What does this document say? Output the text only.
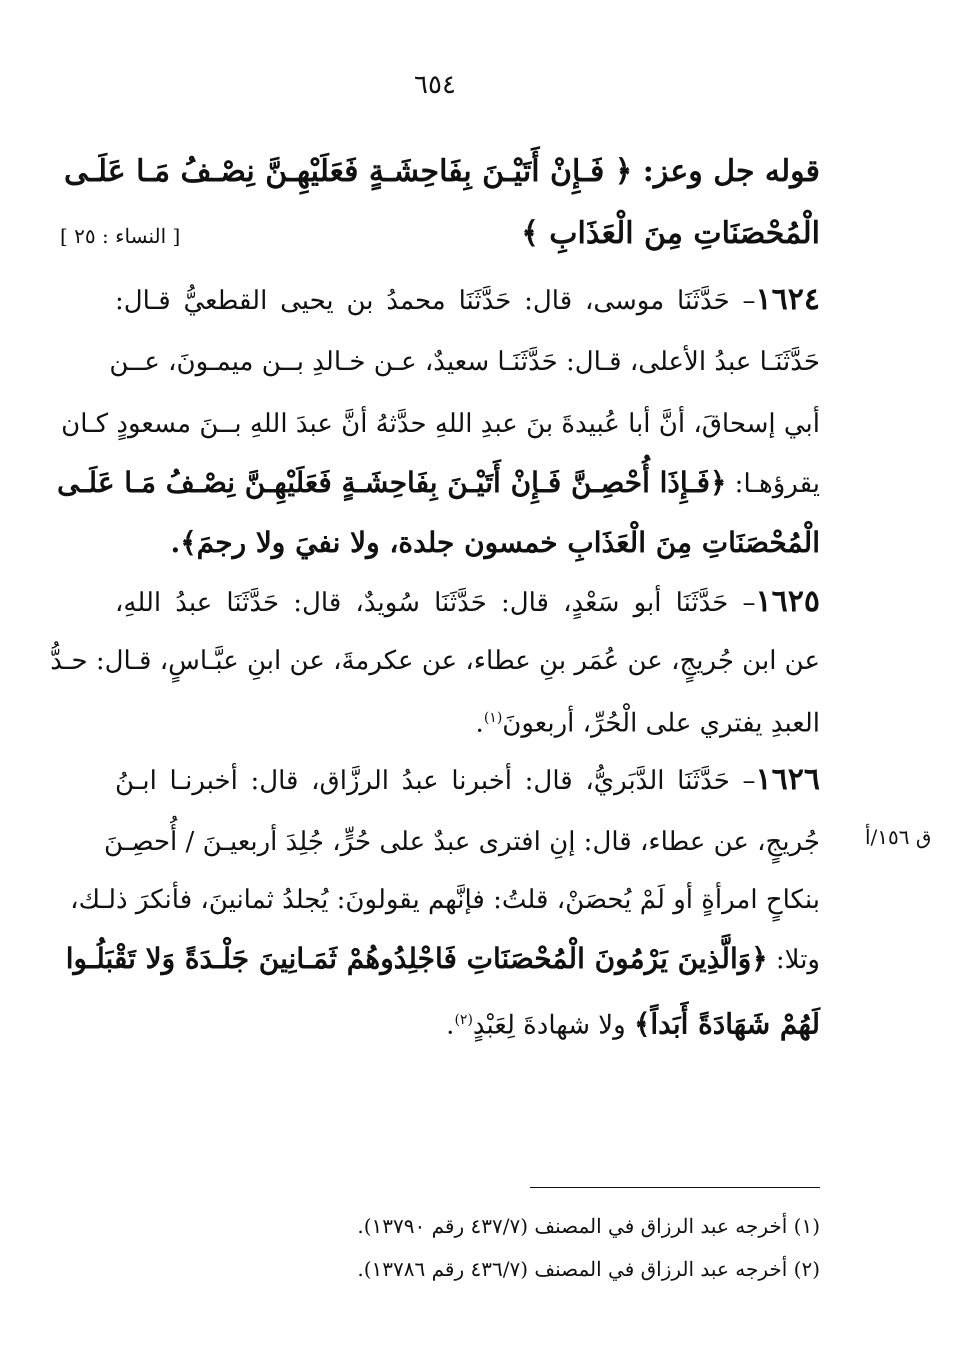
٦٥٤
قوله جل وعز: ﴿ فَـإِنْ أَتَيْـنَ بِفَاحِشَـةٍ فَعَلَيْهِـنَّ نِصْـفُ مَـا عَلَـى
الْمُحْصَنَاتِ مِنَ الْعَذَابِ ﴾
[ النساء : ٢٥ ]
١٦٢٤– حَدَّثَنَا موسى، قال: حَدَّثَنَا محمدُ بن يحيى القطعيُّ قـال:
حَدَّثَنَـا عبدُ الأعلى، قـال: حَدَّثَنَـا سعيدٌ، عـن خـالدِ بــن ميمـونَ، عــن
أبي إسحاقَ، أنَّ أبا عُبيدةَ بنَ عبدِ اللهِ حدَّثهُ أنَّ عبدَ اللهِ بــنَ مسعودٍ كـان
يقرؤهـا: ﴿فَـإِذَا أُحْصِـنَّ فَـإِنْ أَتَيْـنَ بِفَاحِشَـةٍ فَعَلَيْهِـنَّ نِصْـفُ مَـا عَلَـى
الْمُحْصَنَاتِ مِنَ الْعَذَابِ خمسون جلدة، ولا نفيَ ولا رجمَ﴾.
١٦٢٥– حَدَّثَنَا أبو سَعْدٍ، قال: حَدَّثَنَا سُويدٌ، قال: حَدَّثَنَا عبدُ اللهِ،
عن ابن جُريجٍ، عن عُمَر بنِ عطاء، عن عكرمةَ، عن ابنِ عبَّـاسٍ، قـال: حـدُّ
العبدِ يفتري على الْحُرِّ، أربعونَ$^{(١)}$.
١٦٢٦– حَدَّثَنَا الدَّبَريُّ، قال: أخبرنا عبدُ الرزَّاق، قال: أخبرنـا ابـنُ
ق ١٥٦/أ
جُريجٍ، عن عطاء، قال: إنِ افترى عبدٌ على حُرٍّ، جُلِدَ أربعيـنَ / أُحصِـنَ
بنكاحٍ امرأةٍ أو لَمْ يُحصَنْ، قلتُ: فإنَّهم يقولونَ: يُجلدُ ثمانينَ، فأنكرَ ذلـك،
وتلا: ﴿وَالَّذِينَ يَرْمُونَ الْمُحْصَنَاتِ فَاجْلِدُوهُمْ ثَمَـانِينَ جَلْـدَةً وَلا تَقْبَلُـوا
لَهُمْ شَهَادَةً أَبَداً﴾ ولا شهادةَ لِعَبْدٍ$^{(٢)}$.
(١) أخرجه عبد الرزاق في المصنف (٤٣٧/٧ رقم ١٣٧٩٠).
(٢) أخرجه عبد الرزاق في المصنف (٤٣٦/٧ رقم ١٣٧٨٦).
